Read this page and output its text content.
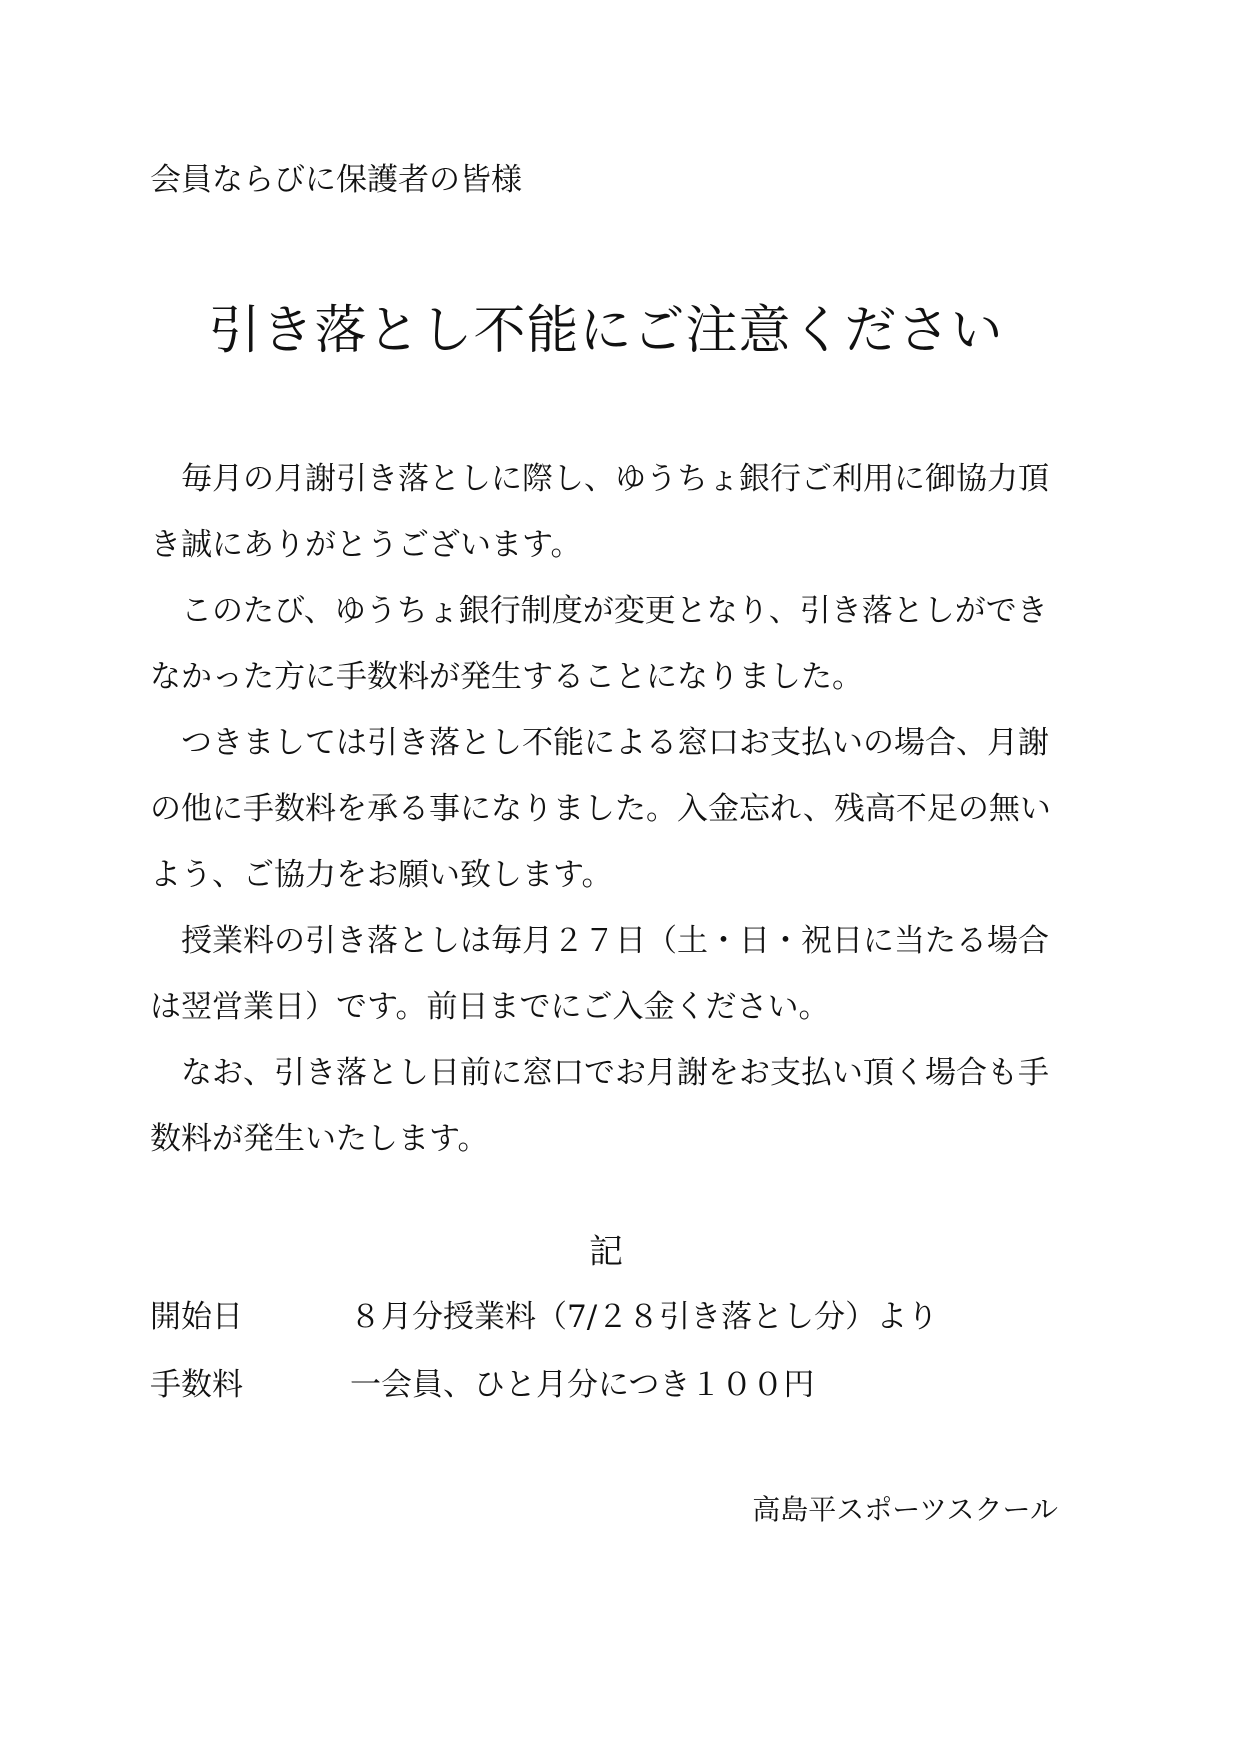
会員ならびに保護者の皆様
引き落とし不能にご注意ください

毎月の月謝引き落としに際し、ゆうちょ銀行ご利用に御協力頂き誠にありがとうございます。

このたび、ゆうちょ銀行制度が変更となり、引き落としができなかった方に手数料が発生することになりました。

つきましては引き落とし不能による窓口お支払いの場合、月謝の他に手数料を承る事になりました。入金忘れ、残高不足の無いよう、ご協力をお願い致します。

授業料の引き落としは毎月２７日（土・日・祝日に当たる場合は翌営業日）です。前日までにご入金ください。

なお、引き落とし日前に窓口でお月謝をお支払い頂く場合も手数料が発生いたします。

記
開始日	８月分授業料（7/２８引き落とし分）より
手数料	一会員、ひと月分につき１００円
高島平スポーツスクール
